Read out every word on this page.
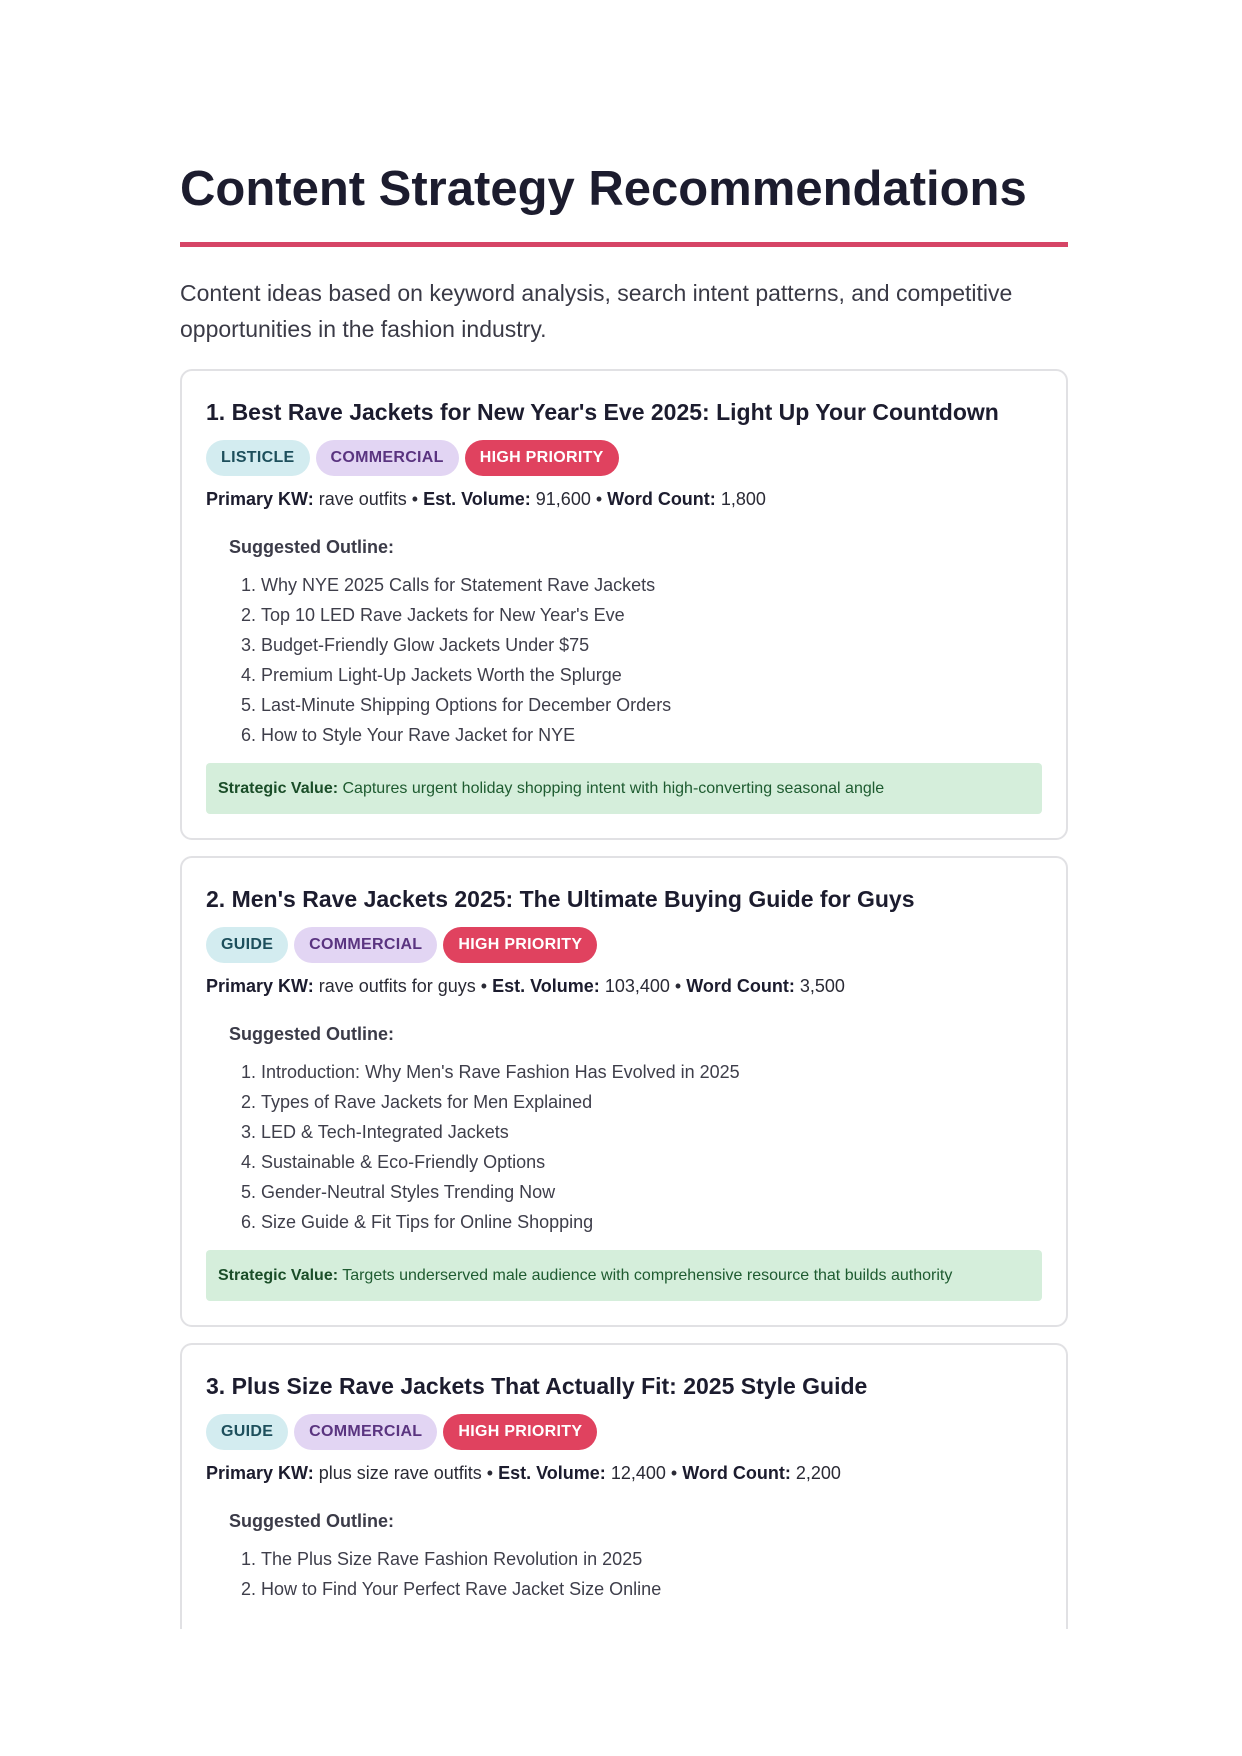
Content Strategy Recommendations

Content ideas based on keyword analysis, search intent patterns, and competitive opportunities in the fashion industry.

1. Best Rave Jackets for New Year's Eve 2025: Light Up Your Countdown
LISTICLE	COMMERCIAL	HIGH PRIORITY
Primary KW: rave outfits • Est. Volume: 91,600 • Word Count: 1,800
Suggested Outline:
1. Why NYE 2025 Calls for Statement Rave Jackets
2. Top 10 LED Rave Jackets for New Year's Eve
3. Budget-Friendly Glow Jackets Under $75
4. Premium Light-Up Jackets Worth the Splurge
5. Last-Minute Shipping Options for December Orders
6. How to Style Your Rave Jacket for NYE
Strategic Value: Captures urgent holiday shopping intent with high-converting seasonal angle
2. Men's Rave Jackets 2025: The Ultimate Buying Guide for Guys
GUIDE	COMMERCIAL	HIGH PRIORITY
Primary KW: rave outfits for guys • Est. Volume: 103,400 • Word Count: 3,500
Suggested Outline:
1. Introduction: Why Men's Rave Fashion Has Evolved in 2025
2. Types of Rave Jackets for Men Explained
3. LED & Tech-Integrated Jackets
4. Sustainable & Eco-Friendly Options
5. Gender-Neutral Styles Trending Now
6. Size Guide & Fit Tips for Online Shopping
Strategic Value: Targets underserved male audience with comprehensive resource that builds authority
3. Plus Size Rave Jackets That Actually Fit: 2025 Style Guide
GUIDE	COMMERCIAL	HIGH PRIORITY
Primary KW: plus size rave outfits • Est. Volume: 12,400 • Word Count: 2,200
Suggested Outline:
1. The Plus Size Rave Fashion Revolution in 2025
2. How to Find Your Perfect Rave Jacket Size Online
